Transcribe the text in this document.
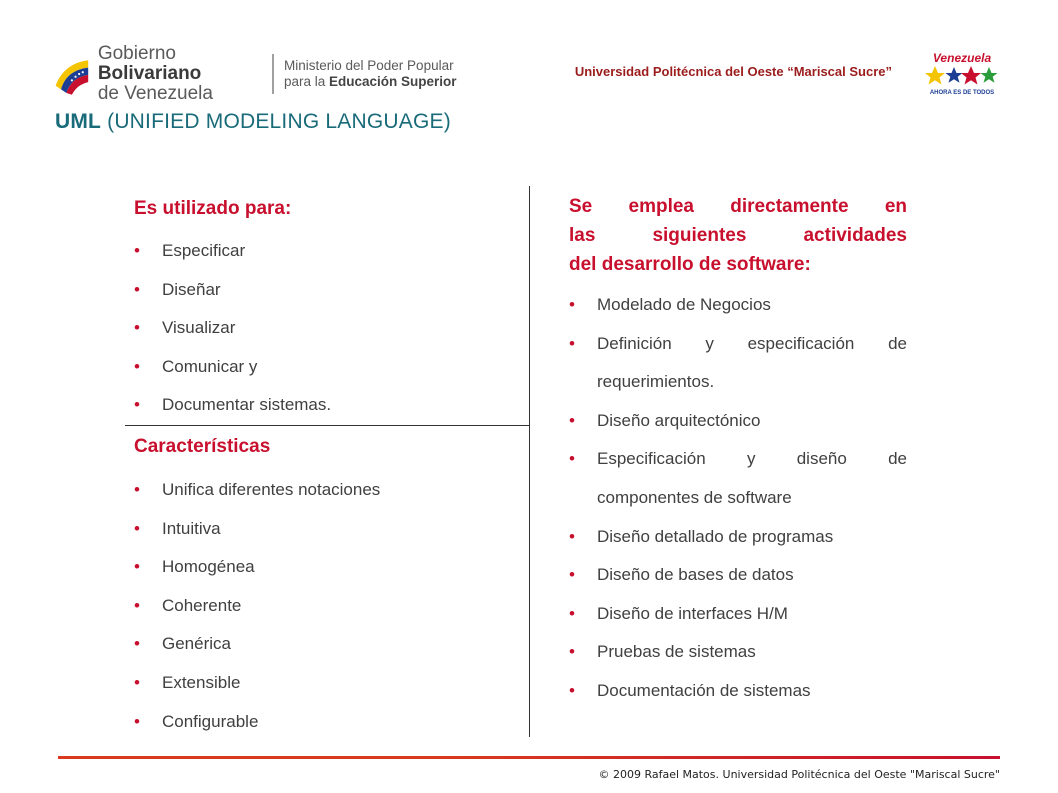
Gobierno Bolivariano
de Venezuela
Ministerio del Poder Popular
para la Educación Superior
Universidad Politécnica del Oeste “Mariscal Sucre”
Venezuela
AHORA ES DE TODOS
UML (UNIFIED MODELING LANGUAGE)
Es utilizado para:
• Especificar
• Diseñar
• Visualizar
• Comunicar y
• Documentar sistemas.
Características
• Unifica diferentes notaciones
• Intuitiva
• Homogénea
• Coherente
• Genérica
• Extensible
• Configurable
Se emplea directamente en
las siguientes actividades
del desarrollo de software:
• Modelado de Negocios
• Definición y especificación de
requerimientos.
• Diseño arquitectónico
• Especificación y diseño de
componentes de software
• Diseño detallado de programas
• Diseño de bases de datos
• Diseño de interfaces H/M
• Pruebas de sistemas
• Documentación de sistemas
© 2009 Rafael Matos. Universidad Politécnica del Oeste "Mariscal Sucre"
